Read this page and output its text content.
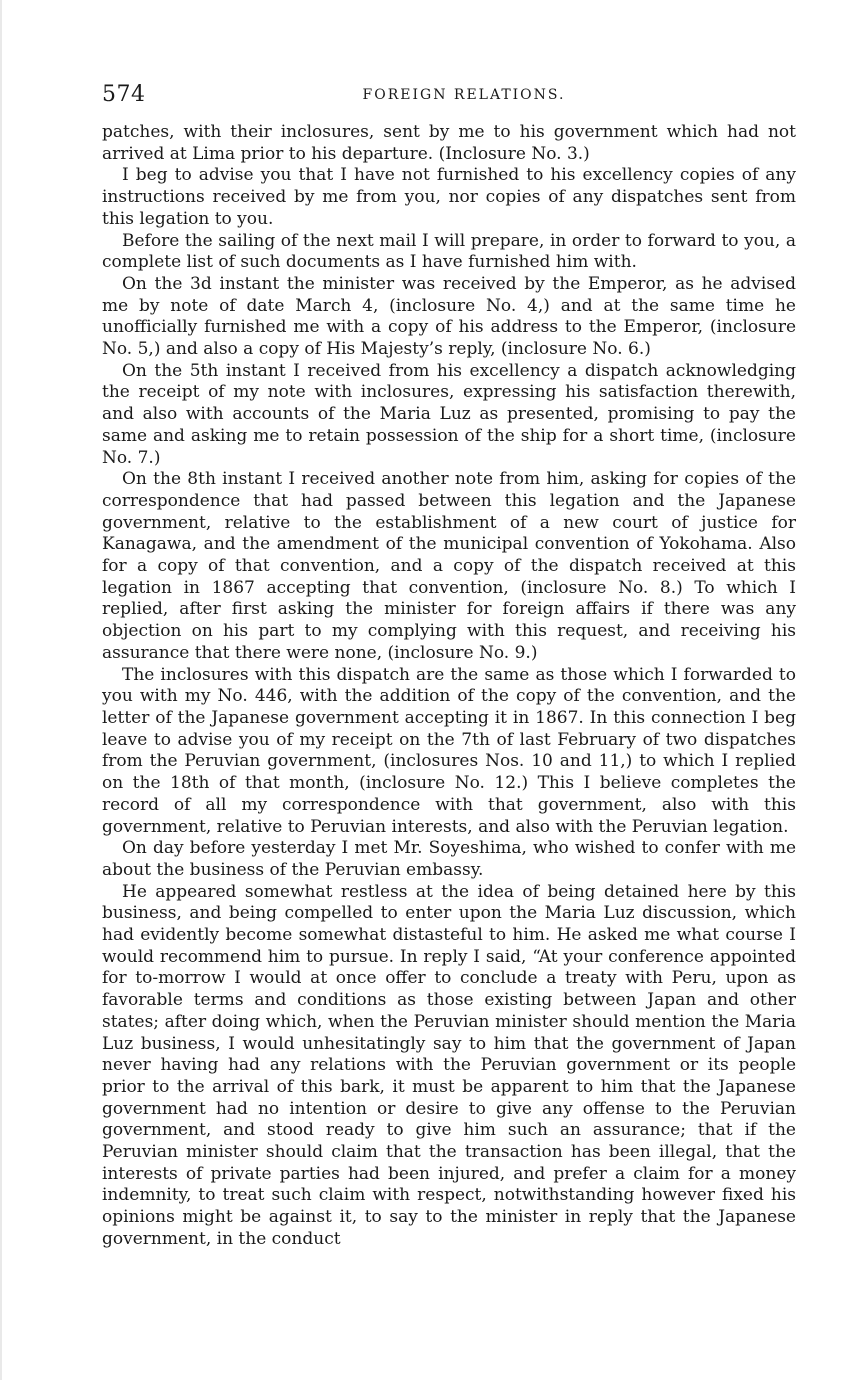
574	FOREIGN RELATIONS.

patches, with their inclosures, sent by me to his government which had not arrived at Lima prior to his departure. (Inclosure No. 3.)

I beg to advise you that I have not furnished to his excellency copies of any instructions received by me from you, nor copies of any dispatches sent from this legation to you.

Before the sailing of the next mail I will prepare, in order to forward to you, a complete list of such documents as I have furnished him with.

On the 3d instant the minister was received by the Emperor, as he advised me by note of date March 4, (inclosure No. 4,) and at the same time he unofficially furnished me with a copy of his address to the Emperor, (inclosure No. 5,) and also a copy of His Majesty’s reply, (inclosure No. 6.)

On the 5th instant I received from his excellency a dispatch acknowledging the receipt of my note with inclosures, expressing his satisfaction therewith, and also with accounts of the Maria Luz as presented, promising to pay the same and asking me to retain possession of the ship for a short time, (inclosure No. 7.)

On the 8th instant I received another note from him, asking for copies of the correspondence that had passed between this legation and the Japanese government, relative to the establishment of a new court of justice for Kanagawa, and the amendment of the municipal convention of Yokohama. Also for a copy of that convention, and a copy of the dispatch received at this legation in 1867 accepting that convention, (inclosure No. 8.) To which I replied, after first asking the minister for foreign affairs if there was any objection on his part to my complying with this request, and receiving his assurance that there were none, (inclosure No. 9.)

The inclosures with this dispatch are the same as those which I forwarded to you with my No. 446, with the addition of the copy of the convention, and the letter of the Japanese government accepting it in 1867. In this connection I beg leave to advise you of my receipt on the 7th of last February of two dispatches from the Peruvian government, (inclosures Nos. 10 and 11,) to which I replied on the 18th of that month, (inclosure No. 12.) This I believe completes the record of all my correspondence with that government, also with this government, relative to Peruvian interests, and also with the Peruvian legation.

On day before yesterday I met Mr. Soyeshima, who wished to confer with me about the business of the Peruvian embassy.

He appeared somewhat restless at the idea of being detained here by this business, and being compelled to enter upon the Maria Luz discussion, which had evidently become somewhat distasteful to him. He asked me what course I would recommend him to pursue. In reply I said, “At your conference appointed for to-morrow I would at once offer to conclude a treaty with Peru, upon as favorable terms and conditions as those existing between Japan and other states; after doing which, when the Peruvian minister should mention the Maria Luz business, I would unhesitatingly say to him that the government of Japan never having had any relations with the Peruvian government or its people prior to the arrival of this bark, it must be apparent to him that the Japanese government had no intention or desire to give any offense to the Peruvian government, and stood ready to give him such an assurance; that if the Peruvian minister should claim that the transaction has been illegal, that the interests of private parties had been injured, and prefer a claim for a money indemnity, to treat such claim with respect, notwithstanding however fixed his opinions might be against it, to say to the minister in reply that the Japanese government, in the conduct
